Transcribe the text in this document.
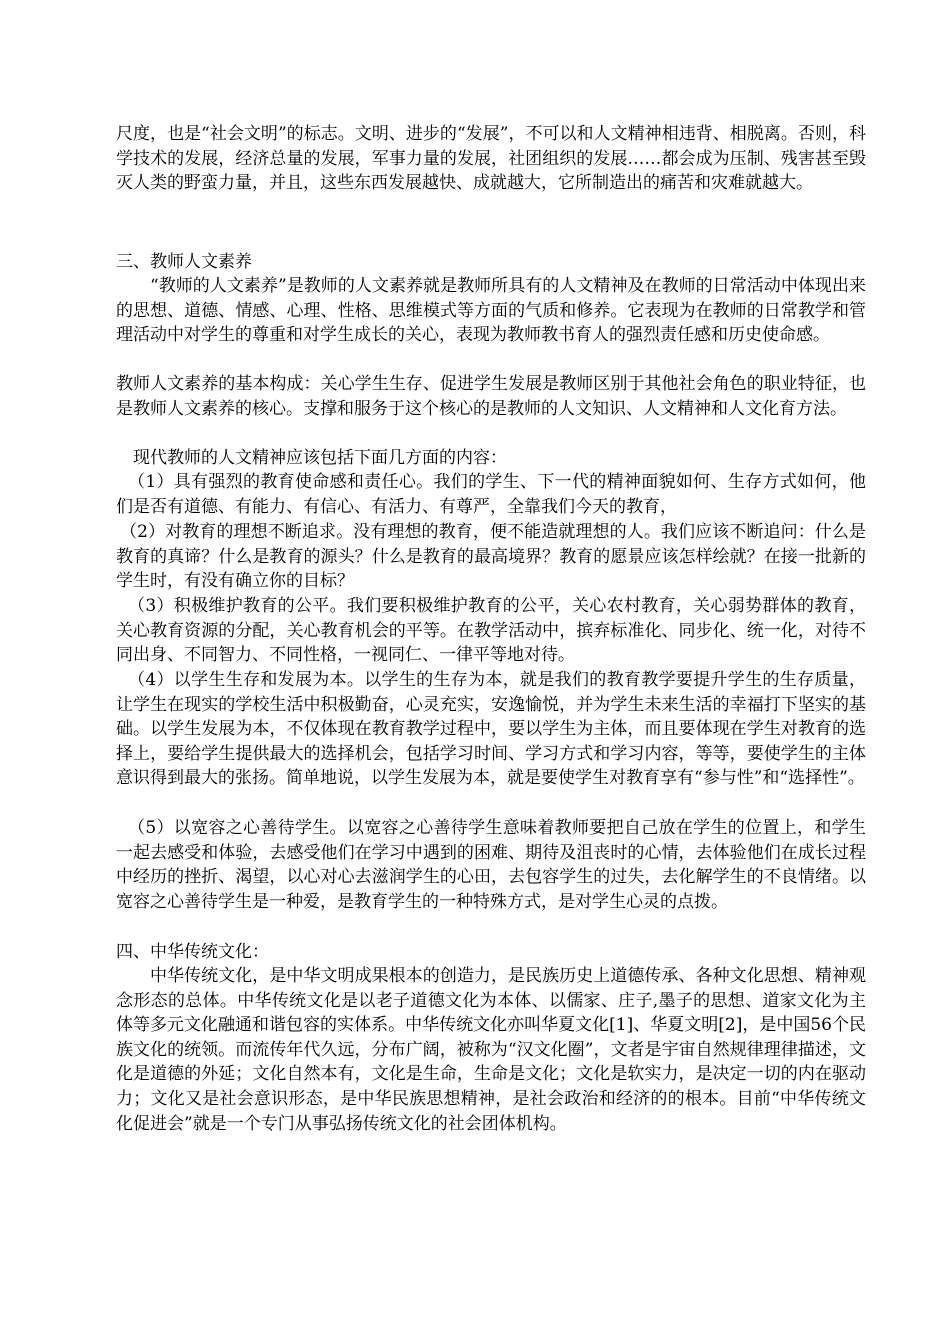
尺度，也是“社会文明”的标志。文明、进步的“发展”，不可以和人文精神相违背、相脱离。否则，科学技术的发展，经济总量的发展，军事力量的发展，社团组织的发展……都会成为压制、残害甚至毁灭人类的野蛮力量，并且，这些东西发展越快、成就越大，它所制造出的痛苦和灾难就越大。

三、教师人文素养

“教师的人文素养”是教师的人文素养就是教师所具有的人文精神及在教师的日常活动中体现出来的思想、道德、情感、心理、性格、思维模式等方面的气质和修养。它表现为在教师的日常教学和管理活动中对学生的尊重和对学生成长的关心，表现为教师教书育人的强烈责任感和历史使命感。

教师人文素养的基本构成：关心学生生存、促进学生发展是教师区别于其他社会角色的职业特征，也是教师人文素养的核心。支撑和服务于这个核心的是教师的人文知识、人文精神和人文化育方法。

现代教师的人文精神应该包括下面几方面的内容：

（1）具有强烈的教育使命感和责任心。我们的学生、下一代的精神面貌如何、生存方式如何，他们是否有道德、有能力、有信心、有活力、有尊严，全靠我们今天的教育，

（2）对教育的理想不断追求。没有理想的教育，便不能造就理想的人。我们应该不断追问：什么是教育的真谛？什么是教育的源头？什么是教育的最高境界？教育的愿景应该怎样绘就？在接一批新的学生时，有没有确立你的目标？

（3）积极维护教育的公平。我们要积极维护教育的公平，关心农村教育，关心弱势群体的教育，关心教育资源的分配，关心教育机会的平等。在教学活动中，摈弃标准化、同步化、统一化，对待不同出身、不同智力、不同性格，一视同仁、一律平等地对待。

（4）以学生生存和发展为本。以学生的生存为本，就是我们的教育教学要提升学生的生存质量，让学生在现实的学校生活中积极勤奋，心灵充实，安逸愉悦，并为学生未来生活的幸福打下坚实的基础。以学生发展为本，不仅体现在教育教学过程中，要以学生为主体，而且要体现在学生对教育的选择上，要给学生提供最大的选择机会，包括学习时间、学习方式和学习内容，等等，要使学生的主体意识得到最大的张扬。简单地说，以学生发展为本，就是要使学生对教育享有“参与性”和“选择性”。

（5）以宽容之心善待学生。以宽容之心善待学生意味着教师要把自己放在学生的位置上，和学生一起去感受和体验，去感受他们在学习中遇到的困难、期待及沮丧时的心情，去体验他们在成长过程中经历的挫折、渴望，以心对心去滋润学生的心田，去包容学生的过失，去化解学生的不良情绪。以宽容之心善待学生是一种爱，是教育学生的一种特殊方式，是对学生心灵的点拨。

四、中华传统文化：

中华传统文化，是中华文明成果根本的创造力，是民族历史上道德传承、各种文化思想、精神观念形态的总体。中华传统文化是以老子道德文化为本体、以儒家、庄子,墨子的思想、道家文化为主体等多元文化融通和谐包容的实体系。中华传统文化亦叫华夏文化[1]、华夏文明[2]，是中国56个民族文化的统领。而流传年代久远，分布广阔，被称为“汉文化圈”，文者是宇宙自然规律理律描述，文化是道德的外延；文化自然本有，文化是生命，生命是文化；文化是软实力，是决定一切的内在驱动力；文化又是社会意识形态，是中华民族思想精神，是社会政治和经济的的根本。目前“中华传统文化促进会”就是一个专门从事弘扬传统文化的社会团体机构。
